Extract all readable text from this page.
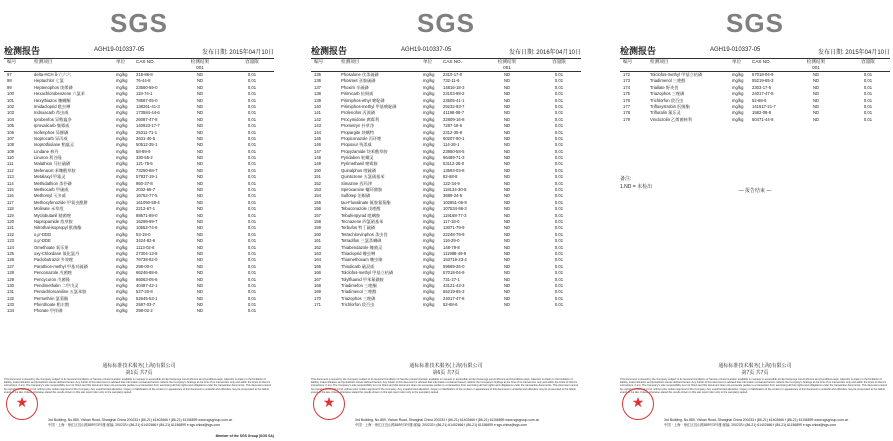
SGS
检测报告	AGH19-010337-05	发布日期: 2015年04月10日
编号	检测项目	单位	CAS NO.	检测结果
001
容量限
97	delta-HCH δ-六六六	mg/kg	319-86-8	ND	0.01
98	Heptachlor 七氯	mg/kg	76-44-8	ND	0.01
99	Heptenophos 庚烯磷	mg/kg	23560-59-0	ND	0.01
100	Hexachlorobenzene 六氯苯	mg/kg	118-74-1	ND	0.01
101	Hexythiazox 噻螨酮	mg/kg	78587-05-0	ND	0.01
102	Imidacloprid 吡虫啉	mg/kg	138261-41-3	ND	0.01
103	Indoxacarb 茚虫威	mg/kg	173584-44-6	ND	0.01
104	Iprobenfos 异稻瘟净	mg/kg	26087-47-8	ND	0.01
105	Iprovalicarb 缬霉威	mg/kg	140923-17-7	ND	0.01
106	Isofenphos 异柳磷	mg/kg	25311-71-1	ND	0.01
107	Isoprocarb 异丙威	mg/kg	2631-40-5	ND	0.01
108	Isoprothiolane 稻瘟灵	mg/kg	50512-35-1	ND	0.01
109	Lindane 林丹	mg/kg	58-89-9	ND	0.01
110	Linuron 利谷隆	mg/kg	330-55-2	ND	0.01
111	Malathion 马拉硫磷	mg/kg	121-75-5	ND	0.01
112	Mefenacet 苯噻酰草胺	mg/kg	73250-68-7	ND	0.01
113	Metalaxyl 甲霜灵	mg/kg	57837-19-1	ND	0.01
114	Methidathion 杀扑磷	mg/kg	950-37-8	ND	0.01
115	Methiocarb 甲硫威	mg/kg	2032-65-7	ND	0.01
116	Methomyl 灭多威	mg/kg	16752-77-5	ND	0.01
117	Methoxyfenozide 甲氧虫酰肼	mg/kg	161050-58-4	ND	0.01
118	Molinate 禾草敌	mg/kg	2212-67-1	ND	0.01
119	Myclobutanil 腈菌唑	mg/kg	88671-89-0	ND	0.01
120	Napropamide 敌草胺	mg/kg	15299-99-7	ND	0.01
121	Nitrothal-isopropyl 酞菌酯	mg/kg	10552-74-6	ND	0.01
122	o,p'-DDD	mg/kg	53-19-0	ND	0.01
123	o,p'-DDE	mg/kg	3424-82-6	ND	0.01
124	Omethoate 氧乐果	mg/kg	1113-02-6	ND	0.01
125	oxy-Chlordane 氧化氯丹	mg/kg	27304-13-8	ND	0.01
126	Paclobutrazol 多效唑	mg/kg	76738-62-0	ND	0.01
127	Parathion-methyl 甲基对硫磷	mg/kg	298-00-0	ND	0.01
128	Penconazole 戊菌唑	mg/kg	66246-88-6	ND	0.01
129	Pencycuron 戊菌隆	mg/kg	66063-05-6	ND	0.01
130	Pendimethalin 二甲戊灵	mg/kg	40487-42-1	ND	0.01
131	Pentachloroaniline 五氯苯胺	mg/kg	527-20-8	ND	0.01
132	Permethrin 氯菊酯	mg/kg	52645-53-1	ND	0.01
133	Phenthoate 稻丰散	mg/kg	2597-03-7	ND	0.01
134	Phorate 甲拌磷	mg/kg	298-02-2	ND	0.01
通标标准技术服务(上海)有限公司
第1页 共7页
This document is issued by the Company subject to its General Conditions of Service printed overleaf, available on request or accessible at http://www.sgs.com/en/Terms-and-Conditions.aspx. Attention is drawn to the limitation of liability, indemnification and jurisdiction issues defined therein. Any holder of this document is advised that information contained hereon reflects the Company's findings at the time of its intervention only and within the limits of Client's instructions, if any. The Company's sole responsibility is to its Client and this document does not exonerate parties to a transaction from exercising all their rights and obligations under the transaction documents. This document cannot be reproduced except in full, without prior written approval of the Company. Any unauthorized alteration, forgery or falsification of the content or appearance of this document is unlawful and offenders may be prosecuted to the fullest extent of the law. Unless otherwise stated the results shown in this test report refer only to the sample(s) tested.
★
3rd Building, No.889, Yishan Road, Shanghai China 200233 t (86-21) 61402666 f (86-21) 61156899 www.sgsgroup.com.cn
中国 · 上海 · 徐汇区宜山路889号3号楼 邮编: 200233 t (86-21) 61402666 f (86-21) 61156899 e sgs.china@sgs.com
Member of the SGS Group (SGS SA)
SGS
检测报告	AGH19-010337-05	发布日期: 2016年04月10日
编号	检测项目	单位	CAS NO.	检测结果
001
容量限
135	Phosalone 伏杀硫磷	mg/kg	2310-17-0	ND	0.01
136	Phosmet 亚胺硫磷	mg/kg	732-11-6	ND	0.01
137	Phoxim 辛硫磷	mg/kg	14816-18-3	ND	0.01
138	Pirimicarb 抗蚜威	mg/kg	23103-98-2	ND	0.01
139	Pirimiphos-ethyl 嘧啶磷	mg/kg	23505-41-1	ND	0.01
140	Pirimiphos-methyl 甲基嘧啶磷	mg/kg	29232-93-7	ND	0.01
141	Profenofos 丙溴磷	mg/kg	41198-08-7	ND	0.01
142	Procymidone 腐霉利	mg/kg	32809-16-8	ND	0.01
143	Prometryn 扑草净	mg/kg	7287-19-6	ND	0.01
144	Propargite 炔螨特	mg/kg	2312-35-8	ND	0.01
145	Propiconazole 丙环唑	mg/kg	60207-90-1	ND	0.01
146	Propoxur 残杀威	mg/kg	114-26-1	ND	0.01
147	Propyzamide 炔苯酰草胺	mg/kg	23950-58-5	ND	0.01
148	Pyridaben 哒螨灵	mg/kg	96489-71-3	ND	0.01
149	Pyrimethanil 嘧霉胺	mg/kg	53112-28-0	ND	0.01
150	Quinalphos 喹硫磷	mg/kg	13593-03-8	ND	0.01
151	Quintozene 五氯硝基苯	mg/kg	82-68-8	ND	0.01
152	Simazine 西玛津	mg/kg	122-34-9	ND	0.01
153	Spiroxamine 螺环菌胺	mg/kg	118134-30-8	ND	0.01
154	Sulfotep 治螟磷	mg/kg	3689-24-5	ND	0.01
155	tau-Fluvalinate 氟胺氰菊酯	mg/kg	102851-06-9	ND	0.01
156	Tebuconazole 戊唑醇	mg/kg	107534-96-3	ND	0.01
157	Tebufenpyrad 吡螨胺	mg/kg	119168-77-3	ND	0.01
158	Tecnazene 四氯硝基苯	mg/kg	117-18-0	ND	0.01
159	Terbufos 特丁硫磷	mg/kg	13071-79-9	ND	0.01
160	Tetrachlorvinphos 杀虫畏	mg/kg	22248-79-9	ND	0.01
161	Tetradifon 三氯杀螨砜	mg/kg	116-29-0	ND	0.01
162	Thiabendazole 噻菌灵	mg/kg	148-79-8	ND	0.01
163	Thiacloprid 噻虫啉	mg/kg	111988-49-9	ND	0.01
164	Thiamethoxam 噻虫嗪	mg/kg	153719-23-4	ND	0.01
165	Thiodicarb 硫双威	mg/kg	59669-26-0	ND	0.01
166	Tolclofos-methyl 甲基立枯磷	mg/kg	57018-04-9	ND	0.01
167	Tolylfluanid 甲苯氟磺胺	mg/kg	731-27-1	ND	0.01
168	Triadimefon 三唑酮	mg/kg	43121-43-3	ND	0.01
169	Triadimenol 三唑醇	mg/kg	55219-65-3	ND	0.01
170	Triazophos 三唑磷	mg/kg	24017-47-8	ND	0.01
171	Trichlorfon 敌百虫	mg/kg	52-68-6	ND	0.01
通标标准技术服务(上海)有限公司
第6页 共7页
This document is issued by the Company subject to its General Conditions of Service printed overleaf, available on request or accessible at http://www.sgs.com/en/Terms-and-Conditions.aspx. Attention is drawn to the limitation of liability, indemnification and jurisdiction issues defined therein. Any holder of this document is advised that information contained hereon reflects the Company's findings at the time of its intervention only and within the limits of Client's instructions, if any. The Company's sole responsibility is to its Client and this document does not exonerate parties to a transaction from exercising all their rights and obligations under the transaction documents. This document cannot be reproduced except in full, without prior written approval of the Company. Any unauthorized alteration, forgery or falsification of the content or appearance of this document is unlawful and offenders may be prosecuted to the fullest extent of the law. Unless otherwise stated the results shown in this test report refer only to the sample(s) tested.
★
3rd Building, No.889, Yishan Road, Shanghai China 200233 t (86-21) 61402666 f (86-21) 61156899 www.sgsgroup.com.cn
中国 · 上海 · 徐汇区宜山路889号3号楼 邮编: 200233 t (86-21) 61402666 f (86-21) 61156899 e sgs.china@sgs.com
SGS
检测报告	AGH19-010337-05	发布日期: 2015年04月10日
编号	检测项目	单位	CAS NO.	检测结果
001
容量限
172	Tolclofos-methyl 甲基立枯磷	mg/kg	57018-04-9	ND	0.01
173	Triadimenol 三唑醇	mg/kg	55219-65-3	ND	0.01
174	Triallate 野麦畏	mg/kg	2303-17-5	ND	0.01
175	Triazophos 三唑磷	mg/kg	24017-47-8	ND	0.01
176	Trichlorfon 敌百虫	mg/kg	52-68-6	ND	0.01
177	Trifloxystrobin 肟菌酯	mg/kg	141517-21-7	ND	0.01
178	Trifluralin 氟乐灵	mg/kg	1582-09-8	ND	0.01
179	Vinclozolin 乙烯菌核利	mg/kg	50471-44-8	ND	0.01
备注:
1.ND = 未检出
— 报告结束 —
通标标准技术服务(上海)有限公司
第7页 共7页
This document is issued by the Company subject to its General Conditions of Service printed overleaf, available on request or accessible at http://www.sgs.com/en/Terms-and-Conditions.aspx. Attention is drawn to the limitation of liability, indemnification and jurisdiction issues defined therein. Any holder of this document is advised that information contained hereon reflects the Company's findings at the time of its intervention only and within the limits of Client's instructions, if any. The Company's sole responsibility is to its Client and this document does not exonerate parties to a transaction from exercising all their rights and obligations under the transaction documents. This document cannot be reproduced except in full, without prior written approval of the Company. Any unauthorized alteration, forgery or falsification of the content or appearance of this document is unlawful and offenders may be prosecuted to the fullest extent of the law. Unless otherwise stated the results shown in this test report refer only to the sample(s) tested.
★
3rd Building, No.889, Yishan Road, Shanghai China 200233 t (86-21) 61402666 f (86-21) 61156899 www.sgsgroup.com.cn
中国 · 上海 · 徐汇区宜山路889号3号楼 邮编: 200233 t (86-21) 61402666 f (86-21) 61156899 e sgs.china@sgs.com
